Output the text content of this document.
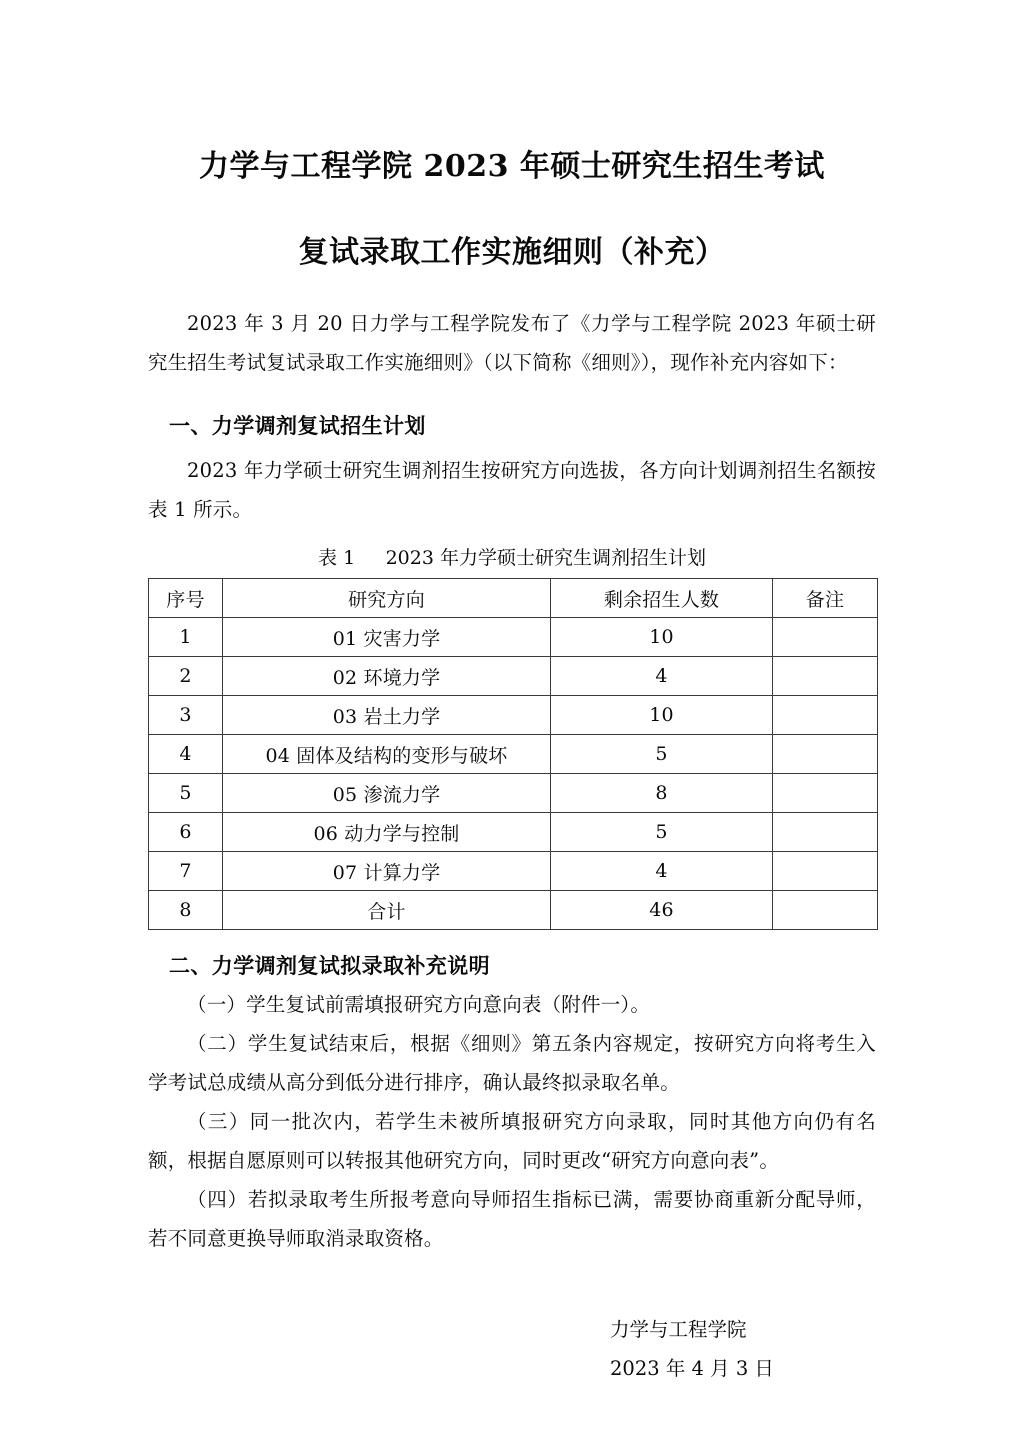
力学与工程学院 2023 年硕士研究生招生考试
复试录取工作实施细则（补充）

2023 年 3 月 20 日力学与工程学院发布了《力学与工程学院 2023 年硕士研究生招生考试复试录取工作实施细则》（以下简称《细则》），现作补充内容如下：

一、力学调剂复试招生计划

2023 年力学硕士研究生调剂招生按研究方向选拔，各方向计划调剂招生名额按表 1 所示。

表 1 2023 年力学硕士研究生调剂招生计划
序号	研究方向	剩余招生人数	备注
1	01 灾害力学	10	
2	02 环境力学	4	
3	03 岩土力学	10	
4	04 固体及结构的变形与破坏	5	
5	05 渗流力学	8	
6	06 动力学与控制	5	
7	07 计算力学	4	
8	合计	46	
二、力学调剂复试拟录取补充说明

（一）学生复试前需填报研究方向意向表（附件一）。

（二）学生复试结束后，根据《细则》第五条内容规定，按研究方向将考生入学考试总成绩从高分到低分进行排序，确认最终拟录取名单。

（三）同一批次内，若学生未被所填报研究方向录取，同时其他方向仍有名额，根据自愿原则可以转报其他研究方向，同时更改“研究方向意向表”。

（四）若拟录取考生所报考意向导师招生指标已满，需要协商重新分配导师，若不同意更换导师取消录取资格。

力学与工程学院
2023 年 4 月 3 日
